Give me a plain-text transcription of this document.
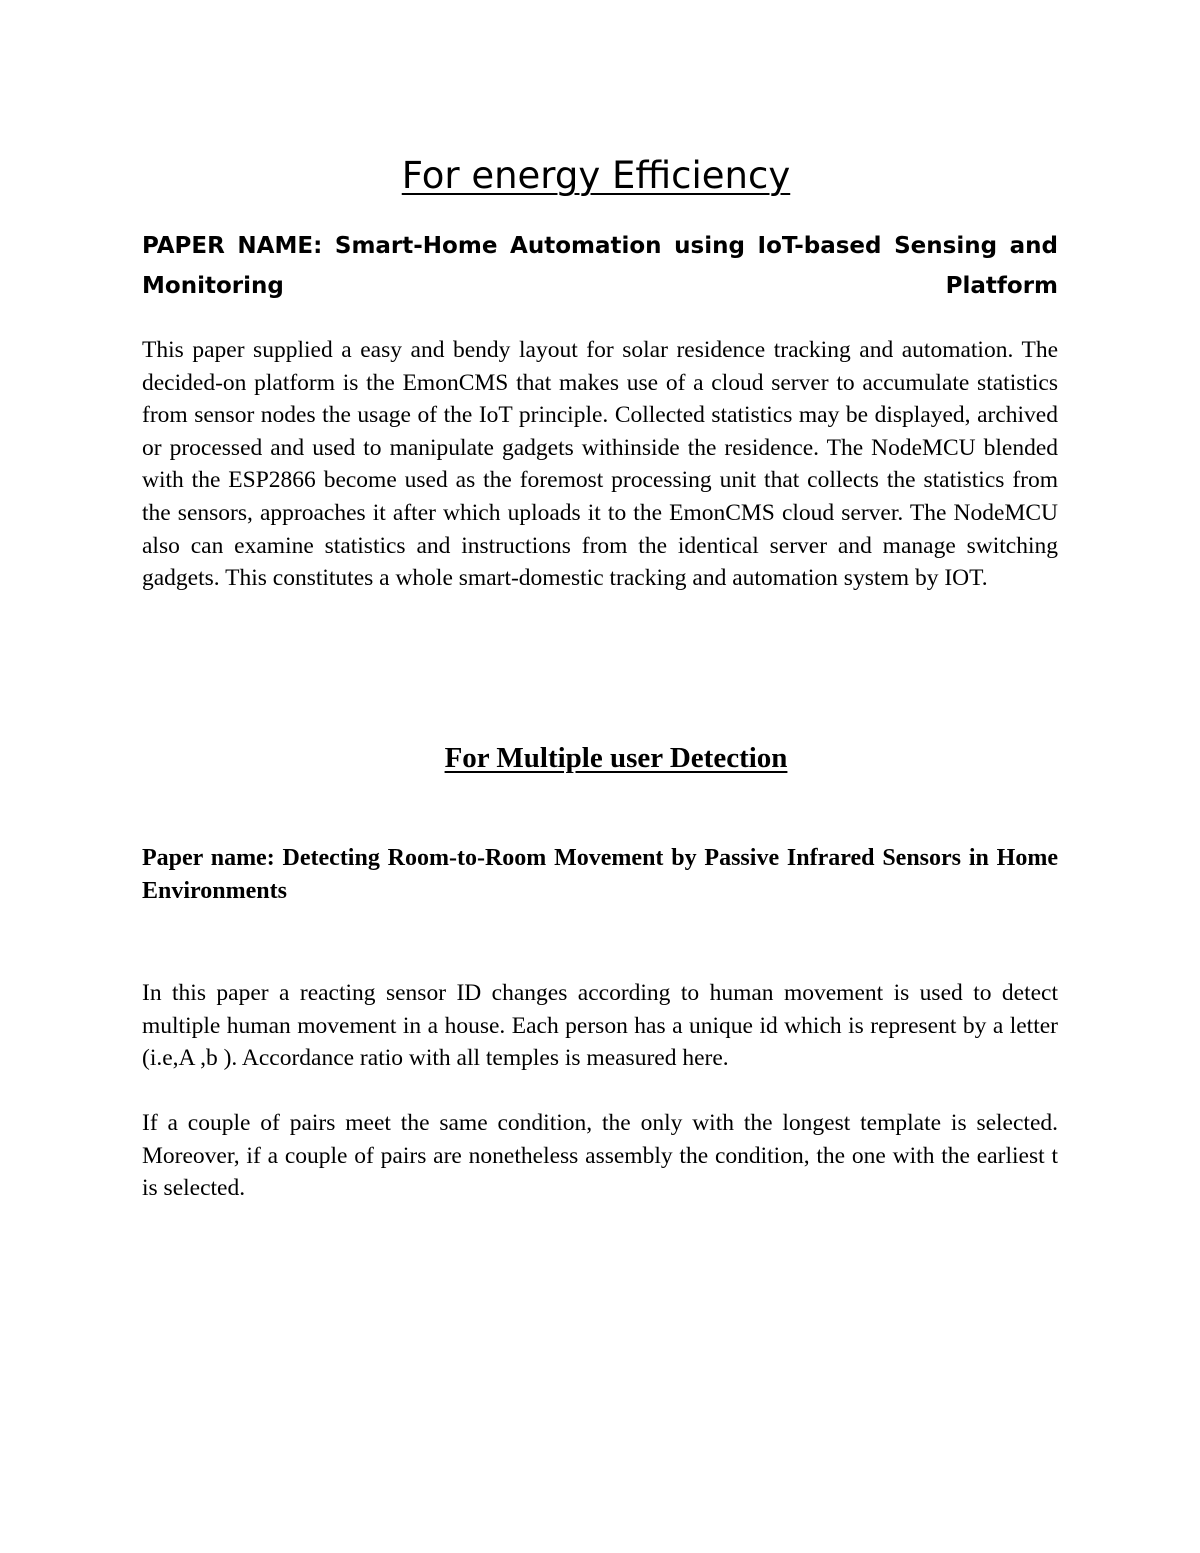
For energy Efficiency

PAPER NAME: Smart-Home Automation using IoT-based Sensing and Monitoring Platform

This paper supplied a easy and bendy layout for solar residence tracking and automation. The decided-on platform is the EmonCMS that makes use of a cloud server to accumulate statistics from sensor nodes the usage of the IoT principle. Collected statistics may be displayed, archived or processed and used to manipulate gadgets withinside the residence. The NodeMCU blended with the ESP2866 become used as the foremost processing unit that collects the statistics from the sensors, approaches it after which uploads it to the EmonCMS cloud server. The NodeMCU also can examine statistics and instructions from the identical server and manage switching gadgets. This constitutes a whole smart-domestic tracking and automation system by IOT.

For Multiple user Detection

Paper name: Detecting Room-to-Room Movement by Passive Infrared Sensors in Home Environments

In this paper a reacting sensor ID changes according to human movement is used to detect multiple human movement in a house. Each person has a unique id which is represent by a letter (i.e,A ,b ). Accordance ratio with all temples is measured here.

If a couple of pairs meet the same condition, the only with the longest template is selected. Moreover, if a couple of pairs are nonetheless assembly the condition, the one with the earliest t is selected.
